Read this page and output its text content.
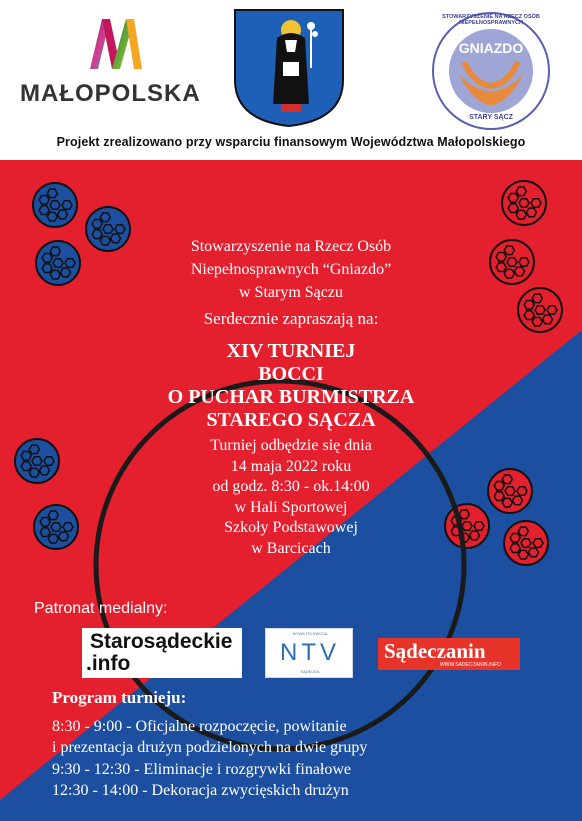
MAŁOPOLSKA
GNIAZDO
STOWARZYSZENIE NA RZECZ OSÓB NIEPEŁNOSPRAWNYCH
STARY SĄCZ
Projekt zrealizowano przy wsparciu finansowym Województwa Małopolskiego
Stowarzyszenie na Rzecz Osób
Niepełnosprawnych “Gniazdo”
w Starym Sączu
Serdecznie zapraszają na:
XIV TURNIEJ
BOCCI
O PUCHAR BURMISTRZA
STAREGO SĄCZA
Turniej odbędzie się dnia
14 maja 2022 roku
od godz. 8:30 - ok.14:00
w Hali Sportowej
Szkoły Podstawowej
w Barcicach
Patronat medialny:
Starosądeckie
.info
NOWA TELEWIZJA
NTV
SĄDECKA
Sądeczanin
WWW.SADECZANIN.INFO
Program turnieju:
8:30 - 9:00 - Oficjalne rozpoczęcie, powitanie
i prezentacja drużyn podzielonych na dwie grupy
9:30 - 12:30 - Eliminacje i rozgrywki finałowe
12:30 - 14:00 - Dekoracja zwycięskich drużyn
